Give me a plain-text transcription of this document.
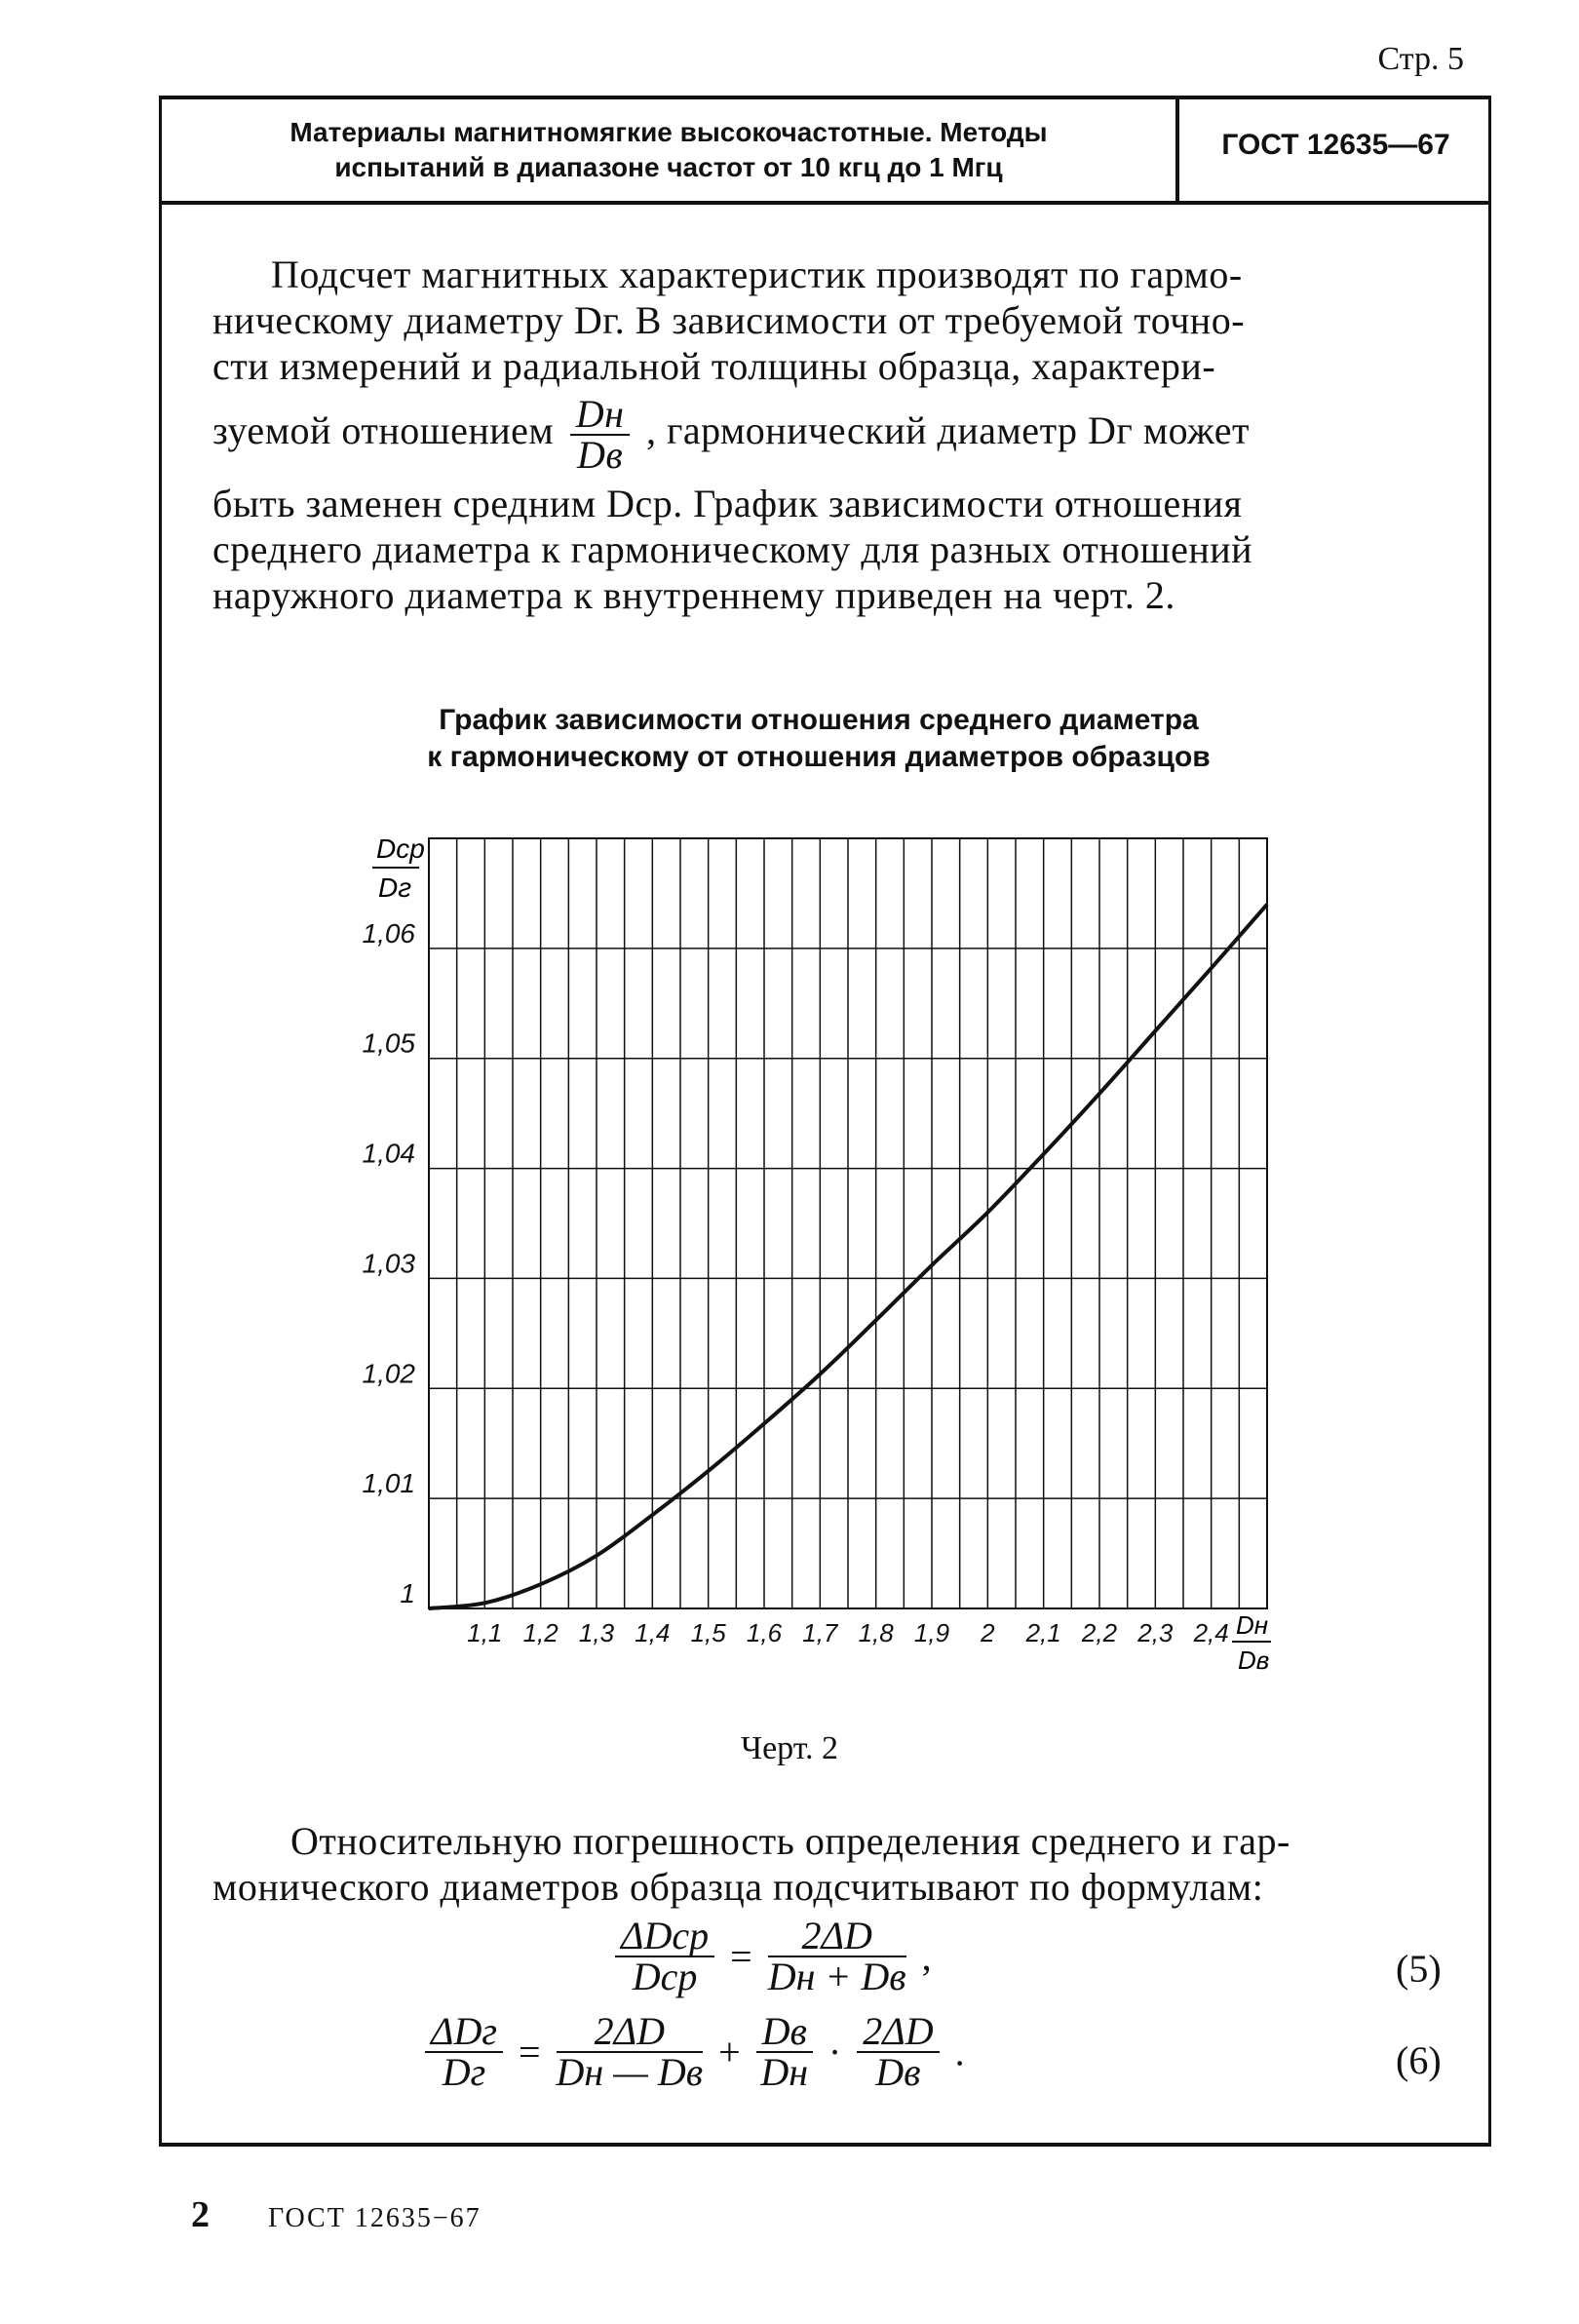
Стр. 5
Материалы магнитномягкие высокочастотные. Методы
испытаний в диапазоне частот от 10 кгц до 1 Мгц
ГОСТ 12635—67
Подсчет магнитных характеристик производят по гармо-
ническому диаметру Dг. В зависимости от требуемой точно-
сти измерений и радиальной толщины образца, характери-
зуемой отношением $\frac{Dн}{Dв}$ , гармонический диаметр Dг может
быть заменен средним Dср. График зависимости отношения
среднего диаметра к гармоническому для разных отношений
наружного диаметра к внутреннему приведен на черт. 2.
График зависимости отношения среднего диаметра
к гармоническому от отношения диаметров образцов
1,1 1,2 1,3 1,4 1,5 1,6 1,7 1,8 1,9 2 2,1 2,2 2,3 2,4
1
1,01
1,02
1,03
1,04
1,05
1,06
Dср
Dг
Dн
Dв
Черт. 2
Относительную погрешность определения среднего и гар-
монического диаметров образца подсчитывают по формулам:
$\frac{\text{ΔDср}}{\text{Dср}} = \frac{2\Delta D}{Dн + Dв}$ ,	(5)
$\frac{\text{ΔDг}}{Dг} = \frac{2\Delta D}{Dн — Dв} + \frac{Dв}{Dн} \cdot \frac{2\Delta D}{Dв}$ .	(6)
2 ГОСТ 12635−67
